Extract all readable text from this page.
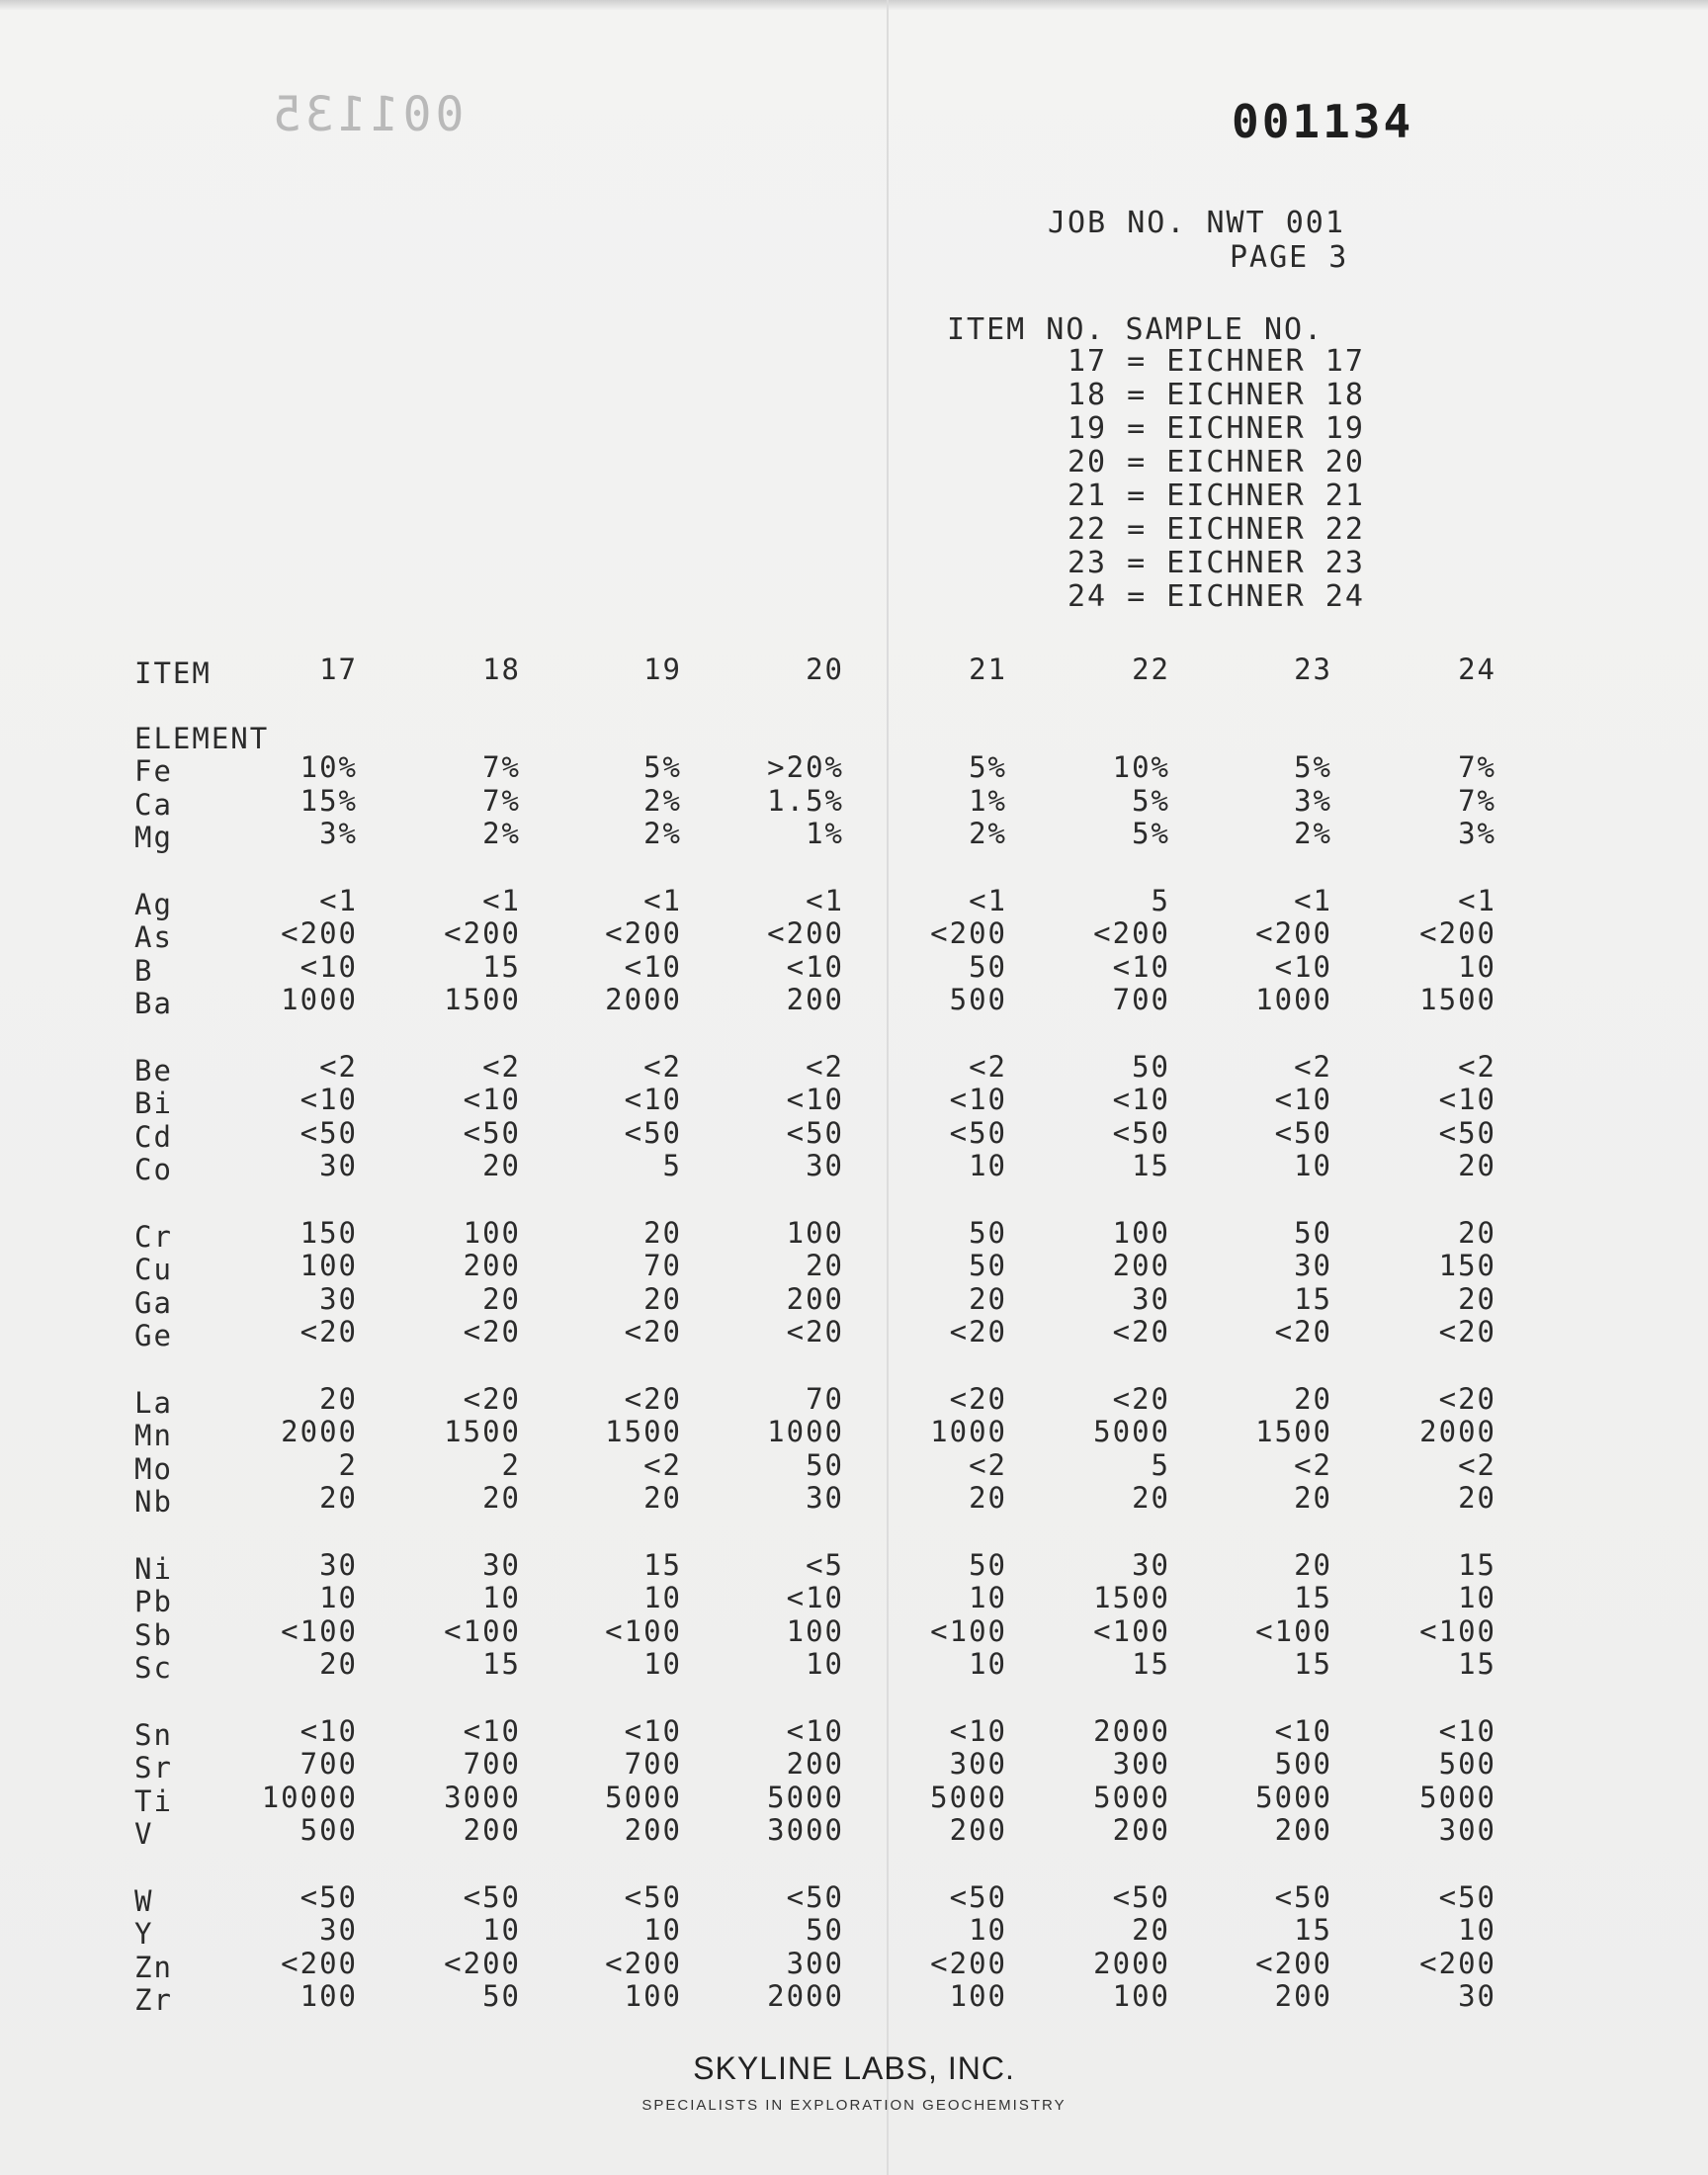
001135	001134
JOB NO. NWT 001
PAGE 3
ITEM NO. SAMPLE NO.
17 = EICHNER 17
18 = EICHNER 18
19 = EICHNER 19
20 = EICHNER 20
21 = EICHNER 21
22 = EICHNER 22
23 = EICHNER 23
24 = EICHNER 24
ITEM	17	18	19	20	21	22	23	24
ELEMENT
Fe	10%	7%	5%	>20%	5%	10%	5%	7%
Ca	15%	7%	2%	1.5%	1%	5%	3%	7%
Mg	3%	2%	2%	1%	2%	5%	2%	3%
Ag	<1	<1	<1	<1	<1	5	<1	<1
As	<200	<200	<200	<200	<200	<200	<200	<200
B	<10	15	<10	<10	50	<10	<10	10
Ba	1000	1500	2000	200	500	700	1000	1500
Be	<2	<2	<2	<2	<2	50	<2	<2
Bi	<10	<10	<10	<10	<10	<10	<10	<10
Cd	<50	<50	<50	<50	<50	<50	<50	<50
Co	30	20	5	30	10	15	10	20
Cr	150	100	20	100	50	100	50	20
Cu	100	200	70	20	50	200	30	150
Ga	30	20	20	200	20	30	15	20
Ge	<20	<20	<20	<20	<20	<20	<20	<20
La	20	<20	<20	70	<20	<20	20	<20
Mn	2000	1500	1500	1000	1000	5000	1500	2000
Mo	2	2	<2	50	<2	5	<2	<2
Nb	20	20	20	30	20	20	20	20
Ni	30	30	15	<5	50	30	20	15
Pb	10	10	10	<10	10	1500	15	10
Sb	<100	<100	<100	100	<100	<100	<100	<100
Sc	20	15	10	10	10	15	15	15
Sn	<10	<10	<10	<10	<10	2000	<10	<10
Sr	700	700	700	200	300	300	500	500
Ti	10000	3000	5000	5000	5000	5000	5000	5000
V	500	200	200	3000	200	200	200	300
W	<50	<50	<50	<50	<50	<50	<50	<50
Y	30	10	10	50	10	20	15	10
Zn	<200	<200	<200	300	<200	2000	<200	<200
Zr	100	50	100	2000	100	100	200	30
SKYLINE LABS, INC.
SPECIALISTS IN EXPLORATION GEOCHEMISTRY
